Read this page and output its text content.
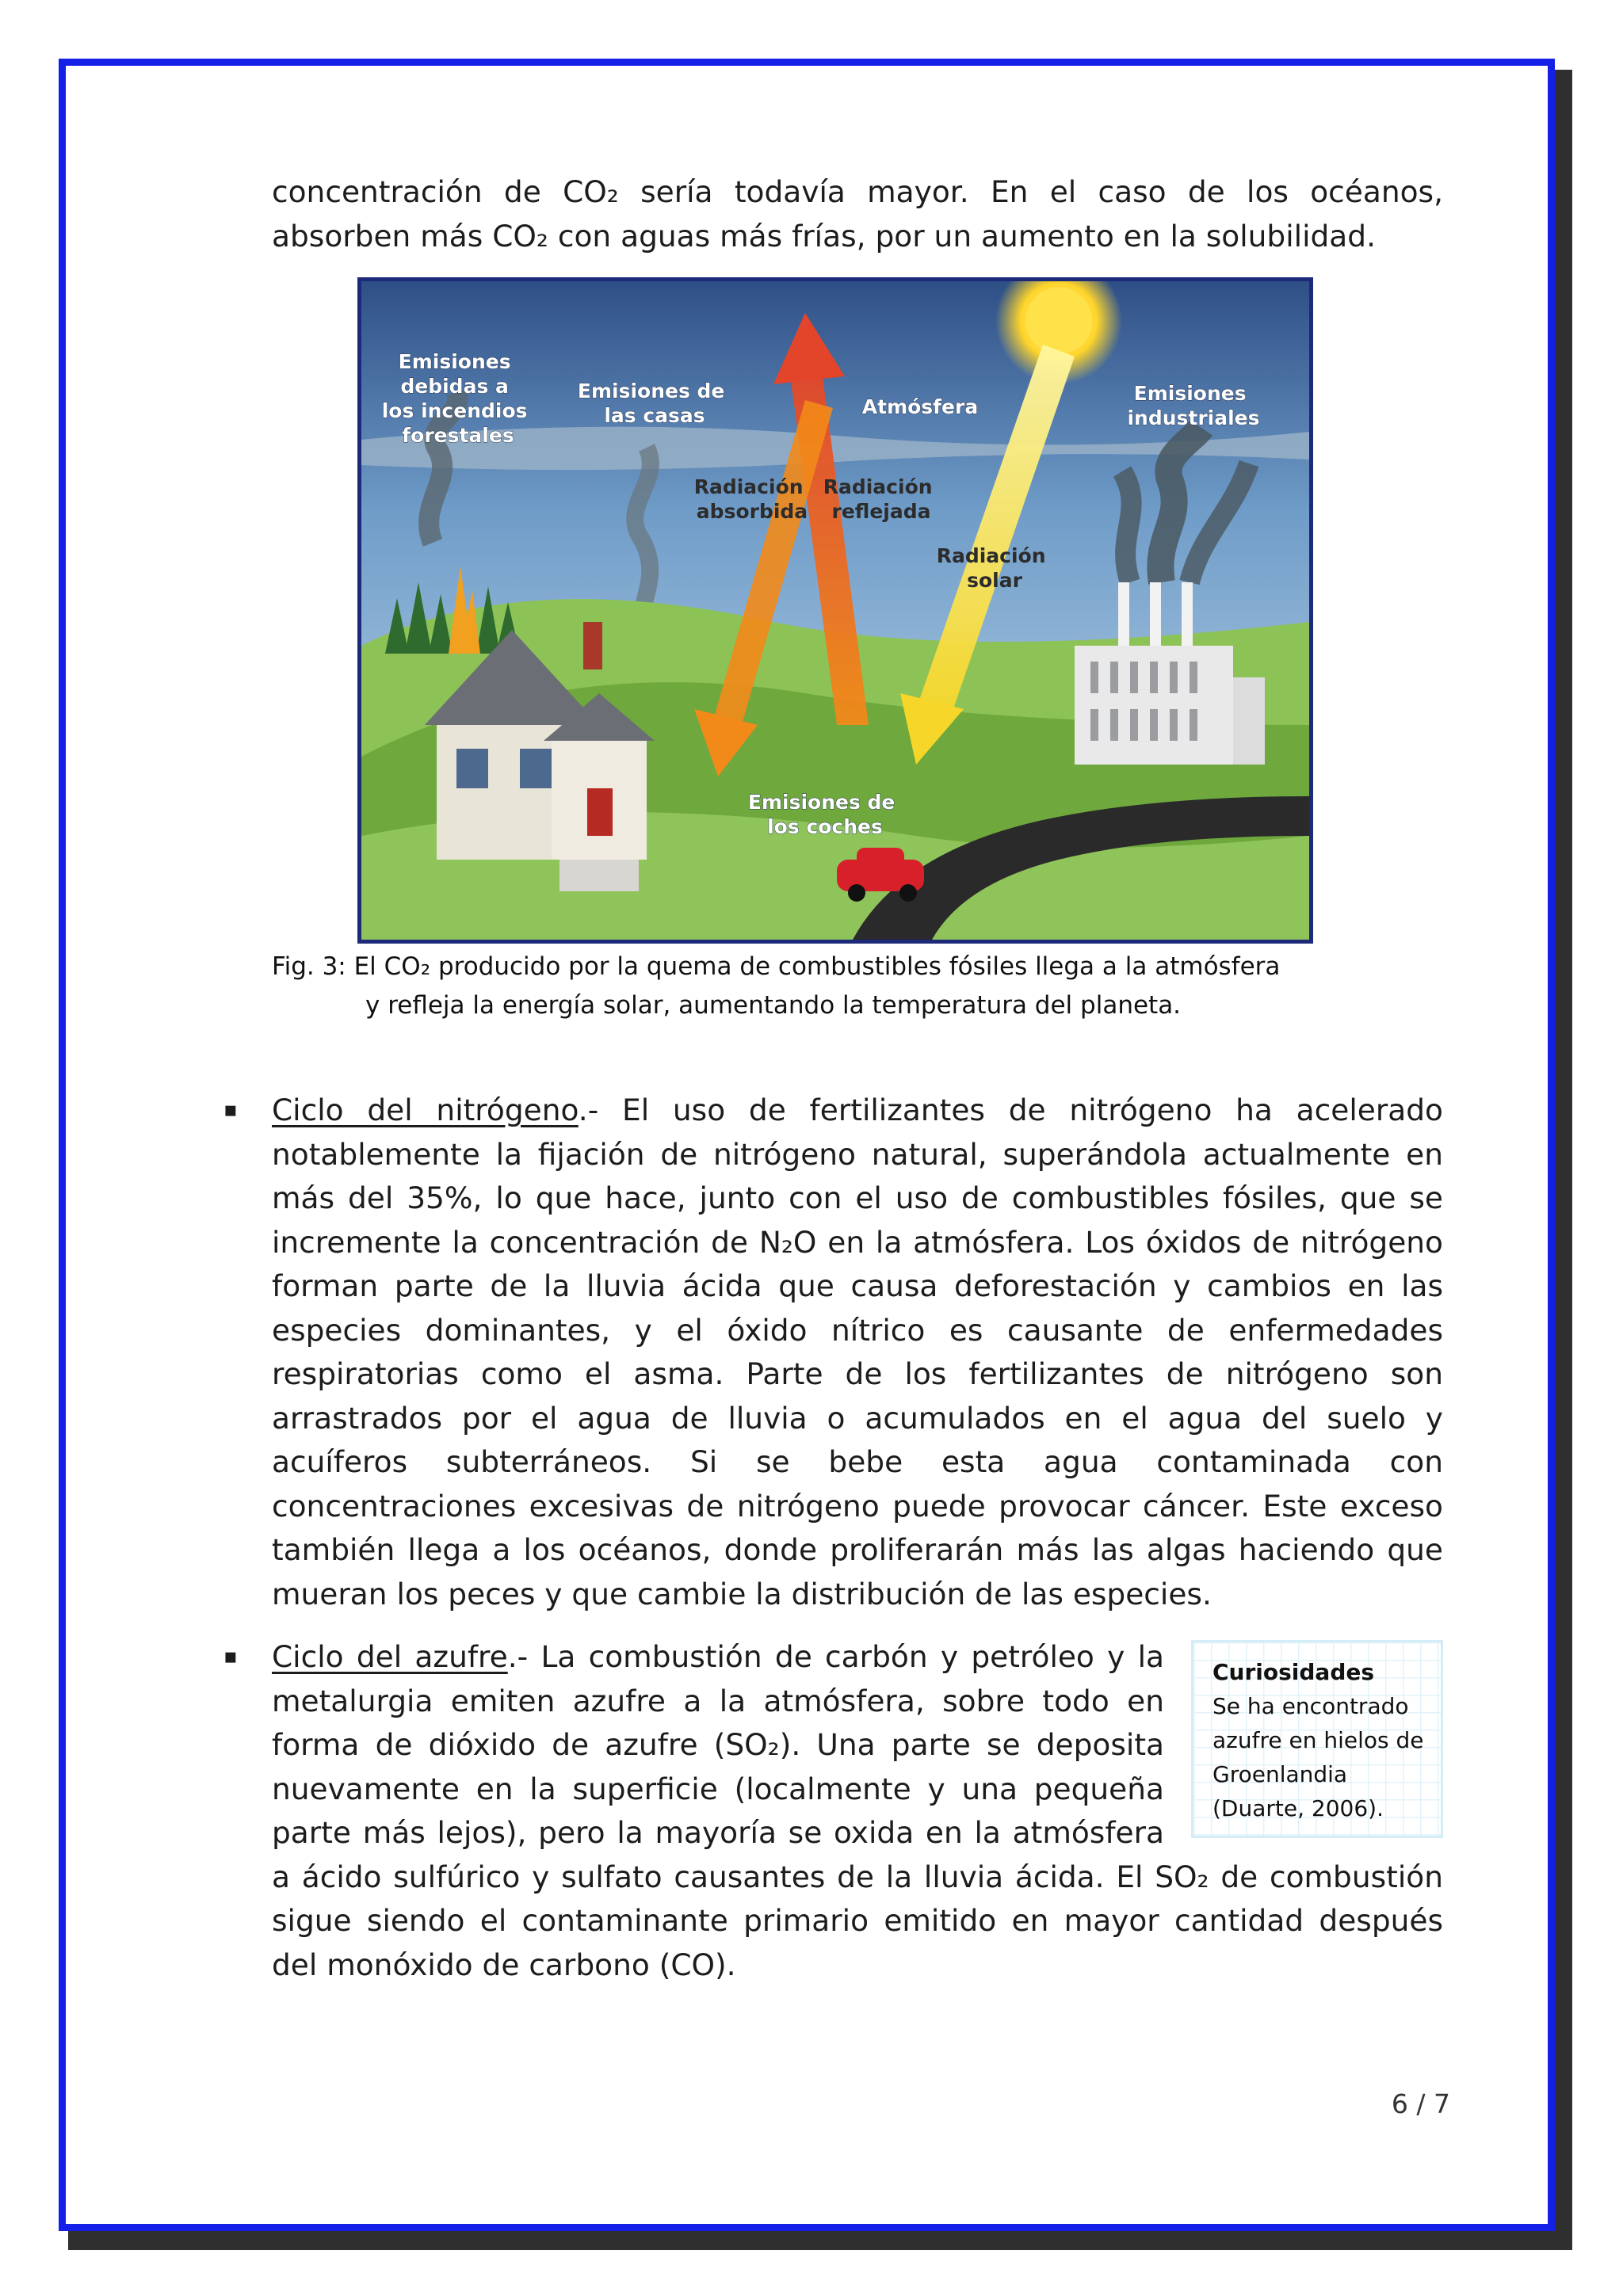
concentración de CO₂ sería todavía mayor. En el caso de los océanos, absorben más CO₂ con aguas más frías, por un aumento en la solubilidad.

Emisiones debidas a los incendios forestales
Emisiones de las casas	Atmósfera
Emisiones industriales
Radiación absorbida
Radiación reflejada
Radiación solar
Emisiones de los coches
Fig. 3: El CO₂ producido por la quema de combustibles fósiles llega a la atmósfera
y refleja la energía solar, aumentando la temperatura del planeta.
▪ Ciclo del nitrógeno.- El uso de fertilizantes de nitrógeno ha acelerado notablemente la fijación de nitrógeno natural, superándola actualmente en más del 35%, lo que hace, junto con el uso de combustibles fósiles, que se incremente la concentración de N₂O en la atmósfera. Los óxidos de nitrógeno forman parte de la lluvia ácida que causa deforestación y cambios en las especies dominantes, y el óxido nítrico es causante de enfermedades respiratorias como el asma. Parte de los fertilizantes de nitrógeno son arrastrados por el agua de lluvia o acumulados en el agua del suelo y acuíferos subterráneos. Si se bebe esta agua contaminada con concentraciones excesivas de nitrógeno puede provocar cáncer. Este exceso también llega a los océanos, donde proliferarán más las algas haciendo que mueran los peces y que cambie la distribución de las especies.

▪
Curiosidades
Se ha encontrado azufre en hielos de Groenlandia (Duarte, 2006).
Ciclo del azufre.- La combustión de carbón y petróleo y la metalurgia emiten azufre a la atmósfera, sobre todo en forma de dióxido de azufre (SO₂). Una parte se deposita nuevamente en la superficie (localmente y una pequeña parte más lejos), pero la mayoría se oxida en la atmósfera a ácido sulfúrico y sulfato causantes de la lluvia ácida. El SO₂ de combustión sigue siendo el contaminante primario emitido en mayor cantidad después del monóxido de carbono (CO).
6 / 7
